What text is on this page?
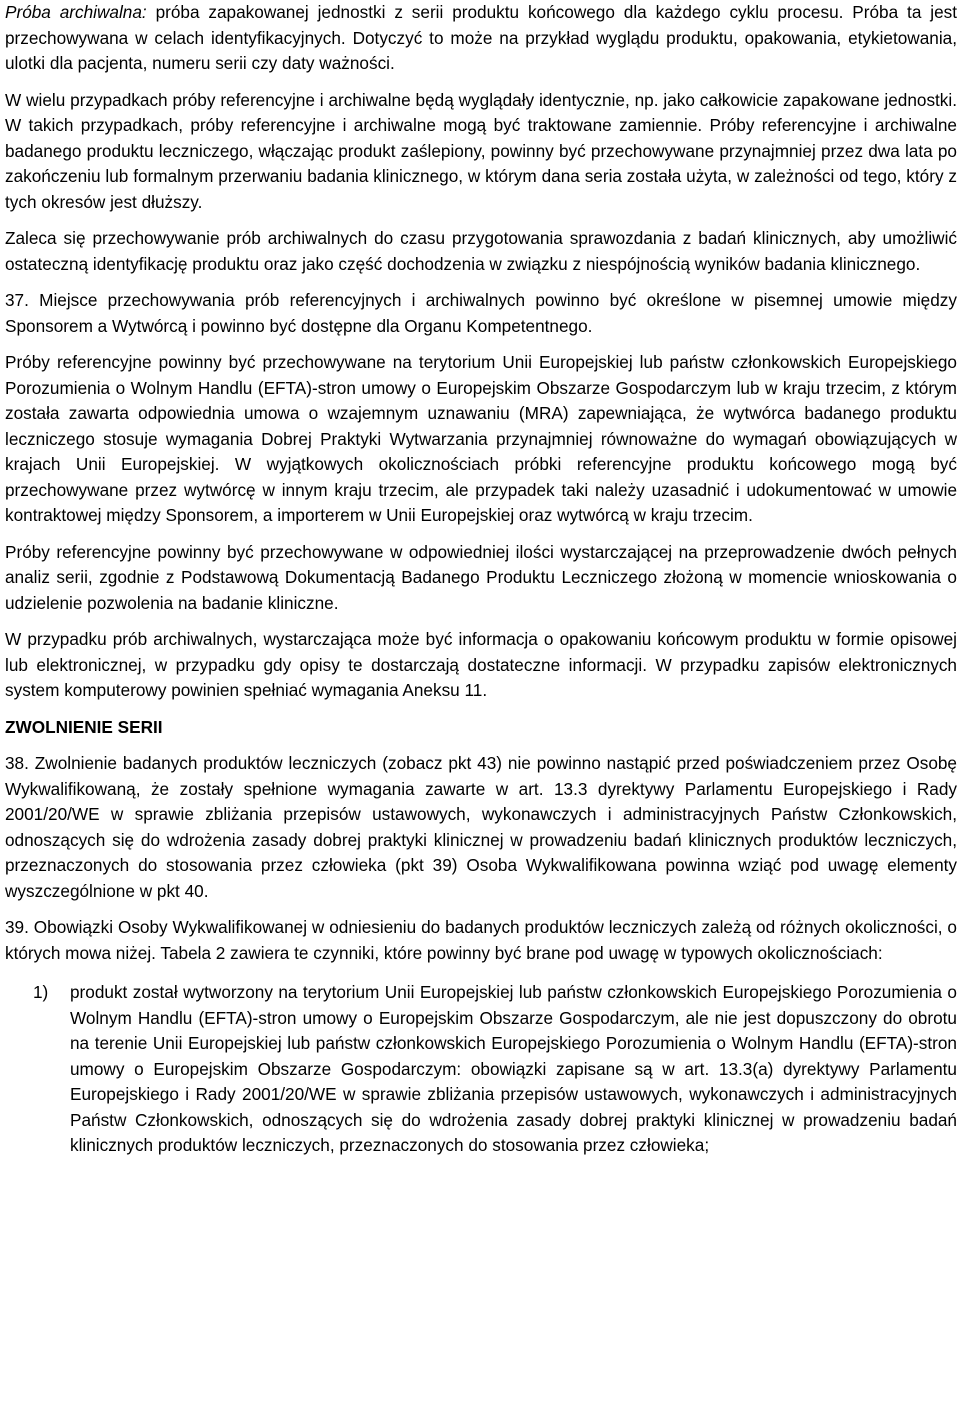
Próba archiwalna: próba zapakowanej jednostki z serii produktu końcowego dla każdego cyklu procesu. Próba ta jest przechowywana w celach identyfikacyjnych. Dotyczyć to może na przykład wyglądu produktu, opakowania, etykietowania, ulotki dla pacjenta, numeru serii czy daty ważności.

W wielu przypadkach próby referencyjne i archiwalne będą wyglądały identycznie, np. jako całkowicie zapakowane jednostki. W takich przypadkach, próby referencyjne i archiwalne mogą być traktowane zamiennie. Próby referencyjne i archiwalne badanego produktu leczniczego, włączając produkt zaślepiony, powinny być przechowywane przynajmniej przez dwa lata po zakończeniu lub formalnym przerwaniu badania klinicznego, w którym dana seria została użyta, w zależności od tego, który z tych okresów jest dłuższy.

Zaleca się przechowywanie prób archiwalnych do czasu przygotowania sprawozdania z badań klinicznych, aby umożliwić ostateczną identyfikację produktu oraz jako część dochodzenia w związku z niespójnością wyników badania klinicznego.

37. Miejsce przechowywania prób referencyjnych i archiwalnych powinno być określone w pisemnej umowie między Sponsorem a Wytwórcą i powinno być dostępne dla Organu Kompetentnego.

Próby referencyjne powinny być przechowywane na terytorium Unii Europejskiej lub państw członkowskich Europejskiego Porozumienia o Wolnym Handlu (EFTA)-stron umowy o Europejskim Obszarze Gospodarczym lub w kraju trzecim, z którym została zawarta odpowiednia umowa o wzajemnym uznawaniu (MRA) zapewniająca, że wytwórca badanego produktu leczniczego stosuje wymagania Dobrej Praktyki Wytwarzania przynajmniej równoważne do wymagań obowiązujących w krajach Unii Europejskiej. W wyjątkowych okolicznościach próbki referencyjne produktu końcowego mogą być przechowywane przez wytwórcę w innym kraju trzecim, ale przypadek taki należy uzasadnić i udokumentować w umowie kontraktowej między Sponsorem, a importerem w Unii Europejskiej oraz wytwórcą w kraju trzecim.

Próby referencyjne powinny być przechowywane w odpowiedniej ilości wystarczającej na przeprowadzenie dwóch pełnych analiz serii, zgodnie z Podstawową Dokumentacją Badanego Produktu Leczniczego złożoną w momencie wnioskowania o udzielenie pozwolenia na badanie kliniczne.

W przypadku prób archiwalnych, wystarczająca może być informacja o opakowaniu końcowym produktu w formie opisowej lub elektronicznej, w przypadku gdy opisy te dostarczają dostateczne informacji. W przypadku zapisów elektronicznych system komputerowy powinien spełniać wymagania Aneksu 11.

ZWOLNIENIE SERII

38. Zwolnienie badanych produktów leczniczych (zobacz pkt 43) nie powinno nastąpić przed poświadczeniem przez Osobę Wykwalifikowaną, że zostały spełnione wymagania zawarte w art. 13.3 dyrektywy Parlamentu Europejskiego i Rady 2001/20/WE w sprawie zbliżania przepisów ustawowych, wykonawczych i administracyjnych Państw Członkowskich, odnoszących się do wdrożenia zasady dobrej praktyki klinicznej w prowadzeniu badań klinicznych produktów leczniczych, przeznaczonych do stosowania przez człowieka (pkt 39) Osoba Wykwalifikowana powinna wziąć pod uwagę elementy wyszczególnione w pkt 40.

39. Obowiązki Osoby Wykwalifikowanej w odniesieniu do badanych produktów leczniczych zależą od różnych okoliczności, o których mowa niżej. Tabela 2 zawiera te czynniki, które powinny być brane pod uwagę w typowych okolicznościach:

1)	produkt został wytworzony na terytorium Unii Europejskiej lub państw członkowskich Europejskiego Porozumienia o Wolnym Handlu (EFTA)-stron umowy o Europejskim Obszarze Gospodarczym, ale nie jest dopuszczony do obrotu na terenie Unii Europejskiej lub państw członkowskich Europejskiego Porozumienia o Wolnym Handlu (EFTA)-stron umowy o Europejskim Obszarze Gospodarczym: obowiązki zapisane są w art. 13.3(a) dyrektywy Parlamentu Europejskiego i Rady 2001/20/WE w sprawie zbliżania przepisów ustawowych, wykonawczych i administracyjnych Państw Członkowskich, odnoszących się do wdrożenia zasady dobrej praktyki klinicznej w prowadzeniu badań klinicznych produktów leczniczych, przeznaczonych do stosowania przez człowieka;
